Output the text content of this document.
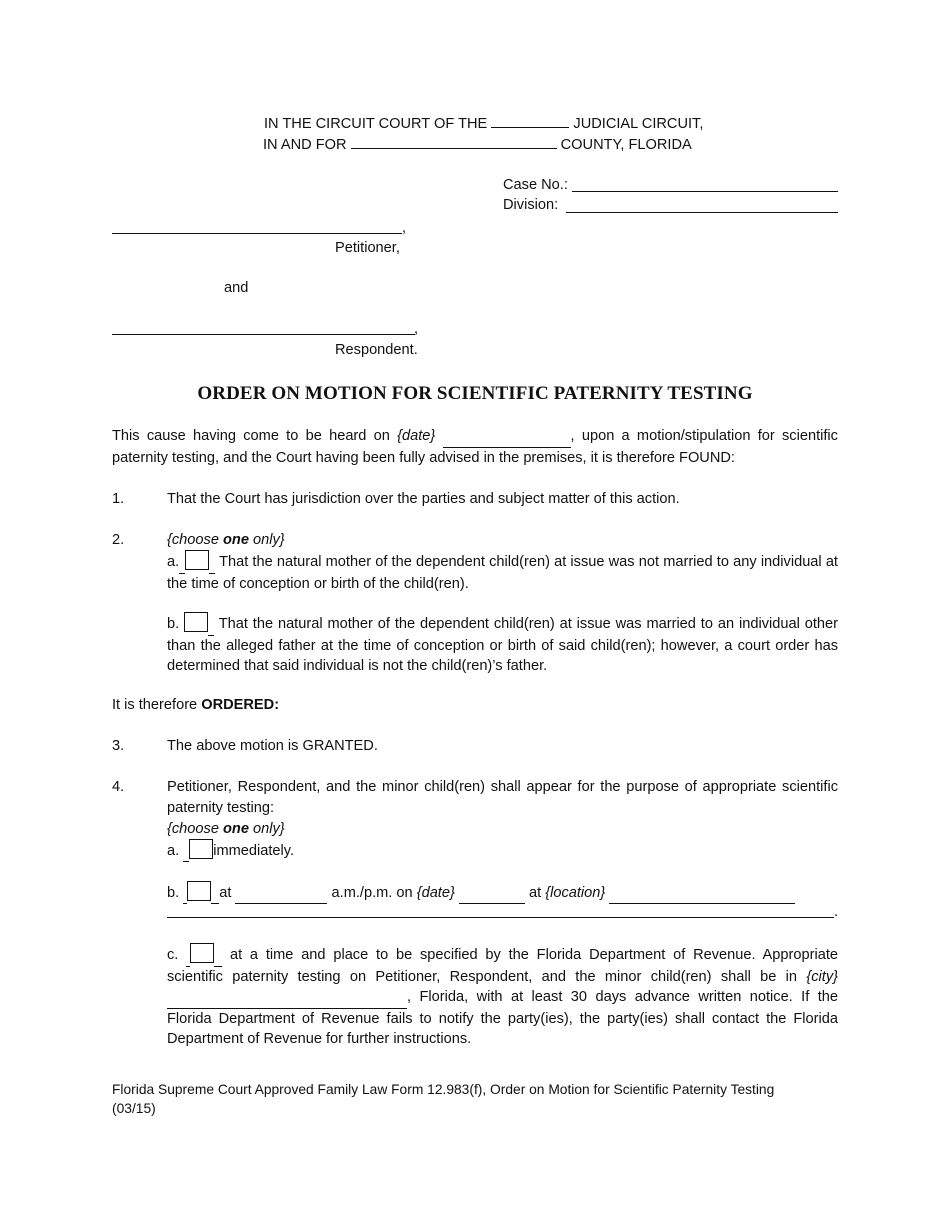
IN THE CIRCUIT COURT OF THE	JUDICIAL CIRCUIT,
IN AND FOR	COUNTY, FLORIDA
Case No.:
Division:
,
Petitioner,
and
,
Respondent.
ORDER ON MOTION FOR SCIENTIFIC PATERNITY TESTING
This cause having come to be heard on {date}	, upon a motion/stipulation for scientific paternity testing, and the Court having been fully advised in the premises, it is therefore FOUND:
1.	That the Court has jurisdiction over the parties and subject matter of this action.
2.	{choose one only}
a.	That the natural mother of the dependent child(ren) at issue was not married to any individual at the time of conception or birth of the child(ren).
b.	That the natural mother of the dependent child(ren) at issue was married to an individual other than the alleged father at the time of conception or birth of said child(ren); however, a court order has determined that said individual is not the child(ren)’s father.
It is therefore ORDERED:
3.	The above motion is GRANTED.
4.	Petitioner, Respondent, and the minor child(ren) shall appear for the purpose of appropriate scientific paternity testing:
{choose one only}
a. immediately.
b.	at	a.m./p.m. on {date}	at {location}
.
c.	at a time and place to be specified by the Florida Department of Revenue. Appropriate scientific paternity testing on Petitioner, Respondent, and the minor child(ren) shall be in {city}  , Florida, with at least 30 days advance written notice. If the Florida Department of Revenue fails to notify the party(ies), the party(ies) shall contact the Florida Department of Revenue for further instructions.
Florida Supreme Court Approved Family Law Form 12.983(f), Order on Motion for Scientific Paternity Testing
(03/15)
